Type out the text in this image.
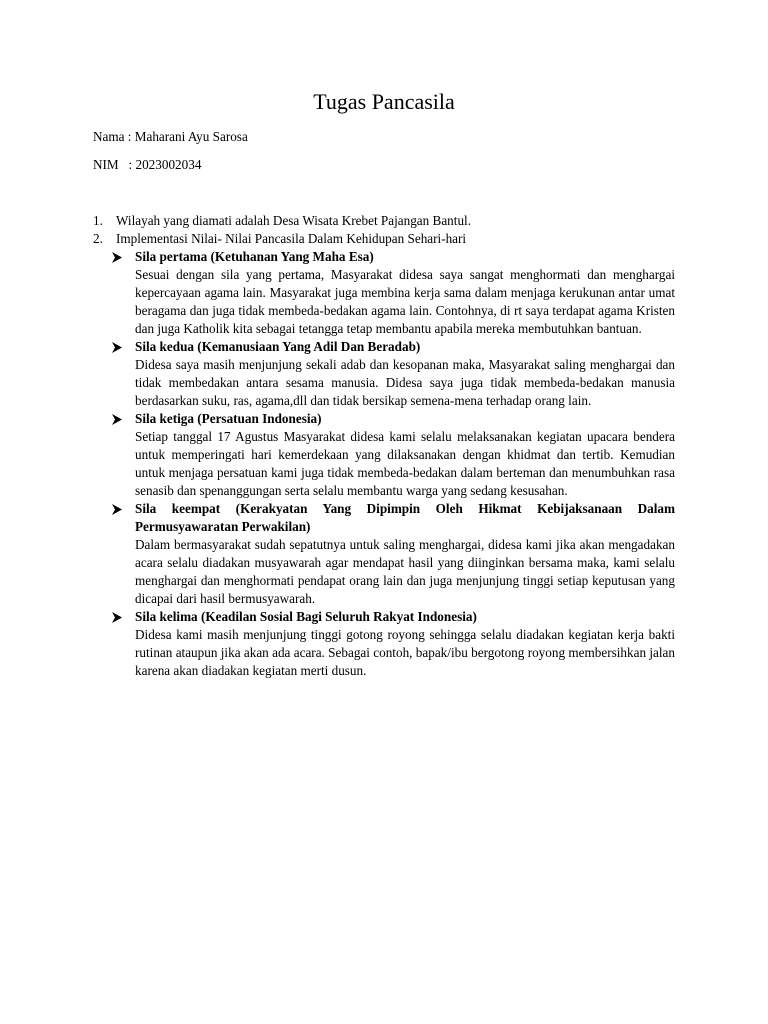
Tugas Pancasila

Nama : Maharani Ayu Sarosa

NIM   : 2023002034

1. Wilayah yang diamati adalah Desa Wisata Krebet Pajangan Bantul.
2. Implementasi Nilai- Nilai Pancasila Dalam Kehidupan Sehari-hari
Sila pertama (Ketuhanan Yang Maha Esa)
Sesuai dengan sila yang pertama, Masyarakat didesa saya sangat menghormati dan menghargai kepercayaan agama lain. Masyarakat juga membina kerja sama dalam menjaga kerukunan antar umat beragama dan juga tidak membeda-bedakan agama lain. Contohnya, di rt saya terdapat agama Kristen dan juga Katholik kita sebagai tetangga tetap membantu apabila mereka membutuhkan bantuan.
Sila kedua (Kemanusiaan Yang Adil Dan Beradab)
Didesa saya masih menjunjung sekali adab dan kesopanan maka, Masyarakat saling menghargai dan tidak membedakan antara sesama manusia. Didesa saya juga tidak membeda-bedakan manusia berdasarkan suku, ras, agama,dll dan tidak bersikap semena-mena terhadap orang lain.
Sila ketiga (Persatuan Indonesia)
Setiap tanggal 17 Agustus Masyarakat didesa kami selalu melaksanakan kegiatan upacara bendera untuk memperingati hari kemerdekaan yang dilaksanakan dengan khidmat dan tertib. Kemudian untuk menjaga persatuan kami juga tidak membeda-bedakan dalam berteman dan menumbuhkan rasa senasib dan spenanggungan serta selalu membantu warga yang sedang kesusahan.
Sila keempat (Kerakyatan Yang Dipimpin Oleh Hikmat Kebijaksanaan Dalam Permusyawaratan Perwakilan)
Dalam bermasyarakat sudah sepatutnya untuk saling menghargai, didesa kami jika akan mengadakan acara selalu diadakan musyawarah agar mendapat hasil yang diinginkan bersama maka, kami selalu menghargai dan menghormati pendapat orang lain dan juga menjunjung tinggi setiap keputusan yang dicapai dari hasil bermusyawarah.
Sila kelima (Keadilan Sosial Bagi Seluruh Rakyat Indonesia)
Didesa kami masih menjunjung tinggi gotong royong sehingga selalu diadakan kegiatan kerja bakti rutinan ataupun jika akan ada acara. Sebagai contoh, bapak/ibu bergotong royong membersihkan jalan karena akan diadakan kegiatan merti dusun.
